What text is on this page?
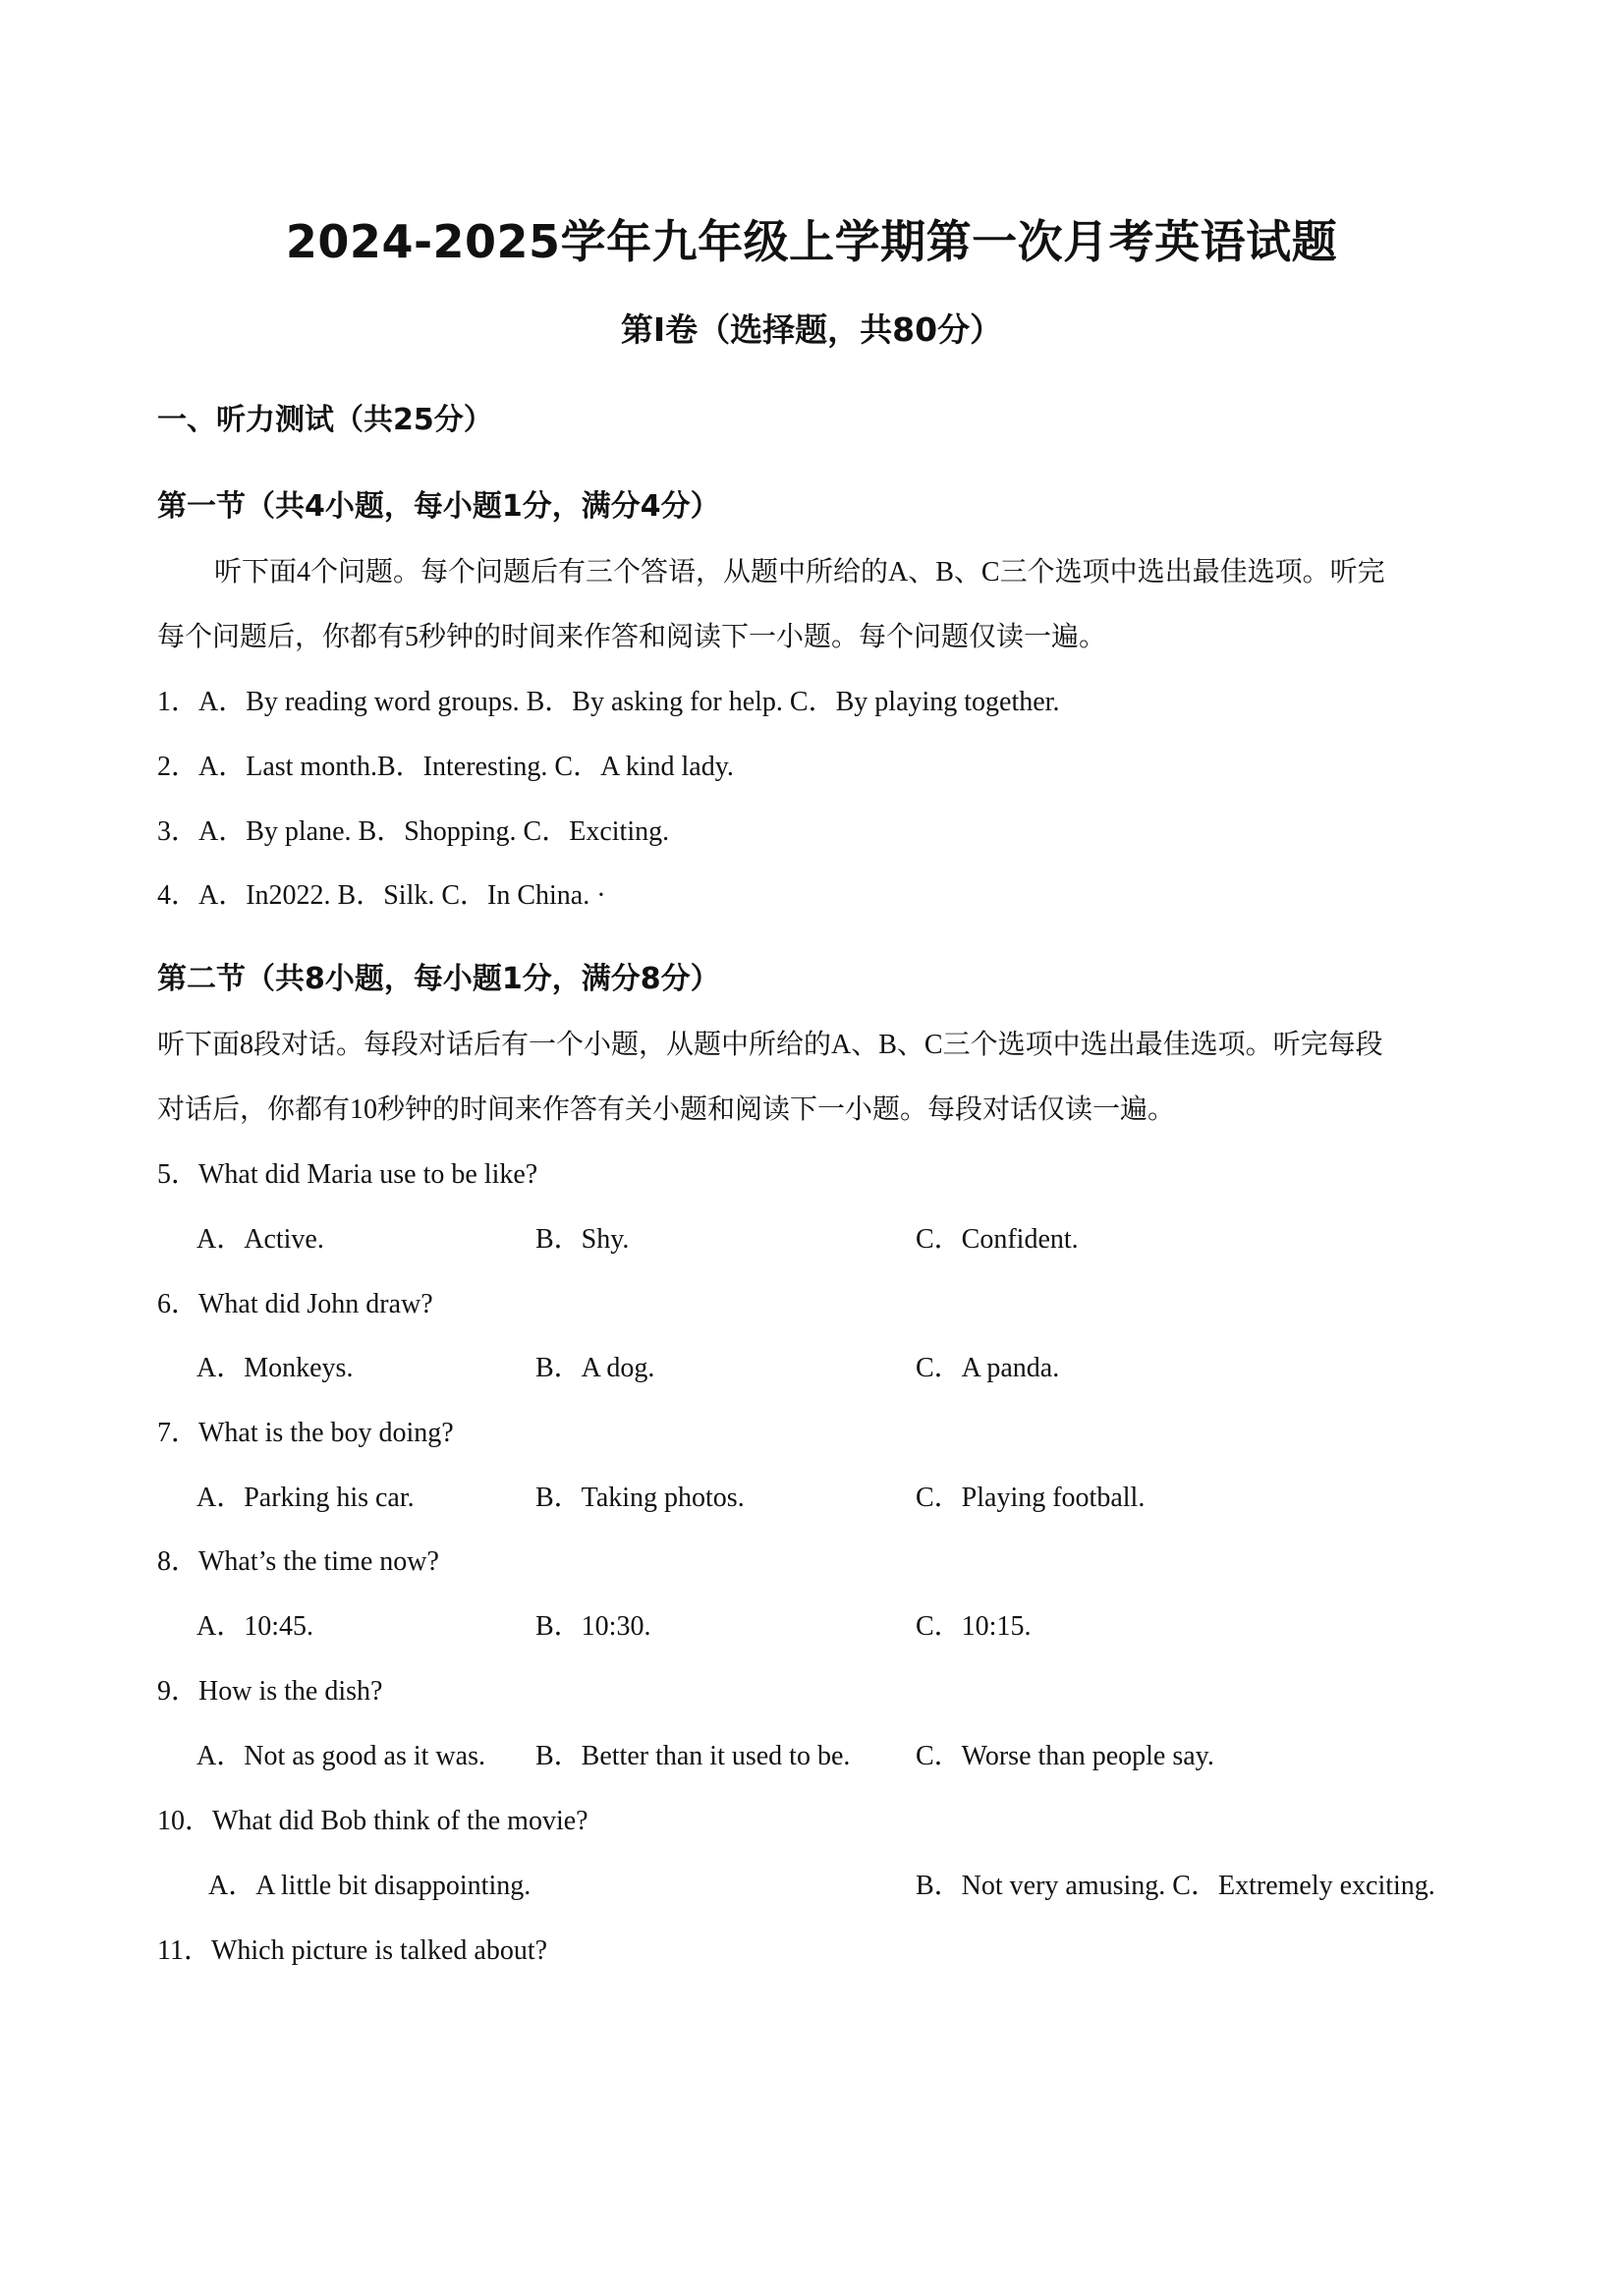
2024-2025学年九年级上学期第一次月考英语试题
第Ⅰ卷（选择题，共80分）
一、听力测试（共25分）
第一节（共4小题，每小题1分，满分4分）
听下面4个问题。每个问题后有三个答语，从题中所给的A、B、C三个选项中选出最佳选项。听完
每个问题后，你都有5秒钟的时间来作答和阅读下一小题。每个问题仅读一遍。
1．A．By reading word groups. B．By asking for help. C．By playing together.
2．A．Last month.B．Interesting. C．A kind lady.
3．A．By plane. B．Shopping. C．Exciting.
4．A．In2022. B．Silk. C．In China. ·
第二节（共8小题，每小题1分，满分8分）
听下面8段对话。每段对话后有一个小题，从题中所给的A、B、C三个选项中选出最佳选项。听完每段
对话后，你都有10秒钟的时间来作答有关小题和阅读下一小题。每段对话仅读一遍。
5．What did Maria use to be like?
A．Active.	B．Shy.	C．Confident.
6．What did John draw?
A．Monkeys.	B．A dog.	C．A panda.
7．What is the boy doing?
A．Parking his car.	B．Taking photos.	C．Playing football.
8．What’s the time now?
A．10:45.	B．10:30.	C．10:15.
9．How is the dish?
A．Not as good as it was. B．Better than it used to be. C．Worse than people say.
10．What did Bob think of the movie?
A．A little bit disappointing.	B．Not very amusing. C．Extremely exciting.
11．Which picture is talked about?
